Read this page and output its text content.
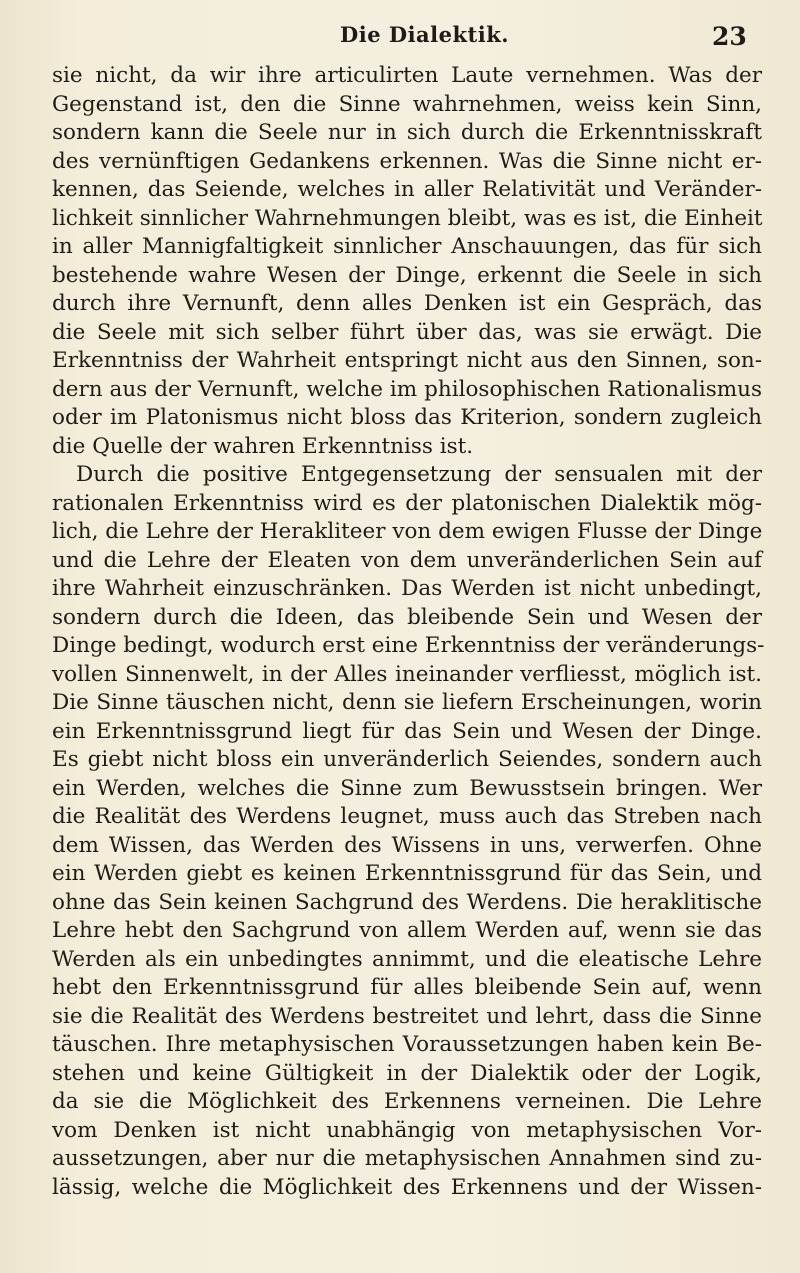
Die Dialektik.	23
sie nicht, da wir ihre articulirten Laute vernehmen. Was der
Gegenstand ist, den die Sinne wahrnehmen, weiss kein Sinn,
sondern kann die Seele nur in sich durch die Erkenntnisskraft
des vernünftigen Gedankens erkennen. Was die Sinne nicht er-
kennen, das Seiende, welches in aller Relativität und Veränder-
lichkeit sinnlicher Wahrnehmungen bleibt, was es ist, die Einheit
in aller Mannigfaltigkeit sinnlicher Anschauungen, das für sich
bestehende wahre Wesen der Dinge, erkennt die Seele in sich
durch ihre Vernunft, denn alles Denken ist ein Gespräch, das
die Seele mit sich selber führt über das, was sie erwägt. Die
Erkenntniss der Wahrheit entspringt nicht aus den Sinnen, son-
dern aus der Vernunft, welche im philosophischen Rationalismus
oder im Platonismus nicht bloss das Kriterion, sondern zugleich
die Quelle der wahren Erkenntniss ist.
Durch die positive Entgegensetzung der sensualen mit der
rationalen Erkenntniss wird es der platonischen Dialektik mög-
lich, die Lehre der Herakliteer von dem ewigen Flusse der Dinge
und die Lehre der Eleaten von dem unveränderlichen Sein auf
ihre Wahrheit einzuschränken. Das Werden ist nicht unbedingt,
sondern durch die Ideen, das bleibende Sein und Wesen der
Dinge bedingt, wodurch erst eine Erkenntniss der veränderungs-
vollen Sinnenwelt, in der Alles ineinander verfliesst, möglich ist.
Die Sinne täuschen nicht, denn sie liefern Erscheinungen, worin
ein Erkenntnissgrund liegt für das Sein und Wesen der Dinge.
Es giebt nicht bloss ein unveränderlich Seiendes, sondern auch
ein Werden, welches die Sinne zum Bewusstsein bringen. Wer
die Realität des Werdens leugnet, muss auch das Streben nach
dem Wissen, das Werden des Wissens in uns, verwerfen. Ohne
ein Werden giebt es keinen Erkenntnissgrund für das Sein, und
ohne das Sein keinen Sachgrund des Werdens. Die heraklitische
Lehre hebt den Sachgrund von allem Werden auf, wenn sie das
Werden als ein unbedingtes annimmt, und die eleatische Lehre
hebt den Erkenntnissgrund für alles bleibende Sein auf, wenn
sie die Realität des Werdens bestreitet und lehrt, dass die Sinne
täuschen. Ihre metaphysischen Voraussetzungen haben kein Be-
stehen und keine Gültigkeit in der Dialektik oder der Logik,
da sie die Möglichkeit des Erkennens verneinen. Die Lehre
vom Denken ist nicht unabhängig von metaphysischen Vor-
aussetzungen, aber nur die metaphysischen Annahmen sind zu-
lässig, welche die Möglichkeit des Erkennens und der Wissen-
